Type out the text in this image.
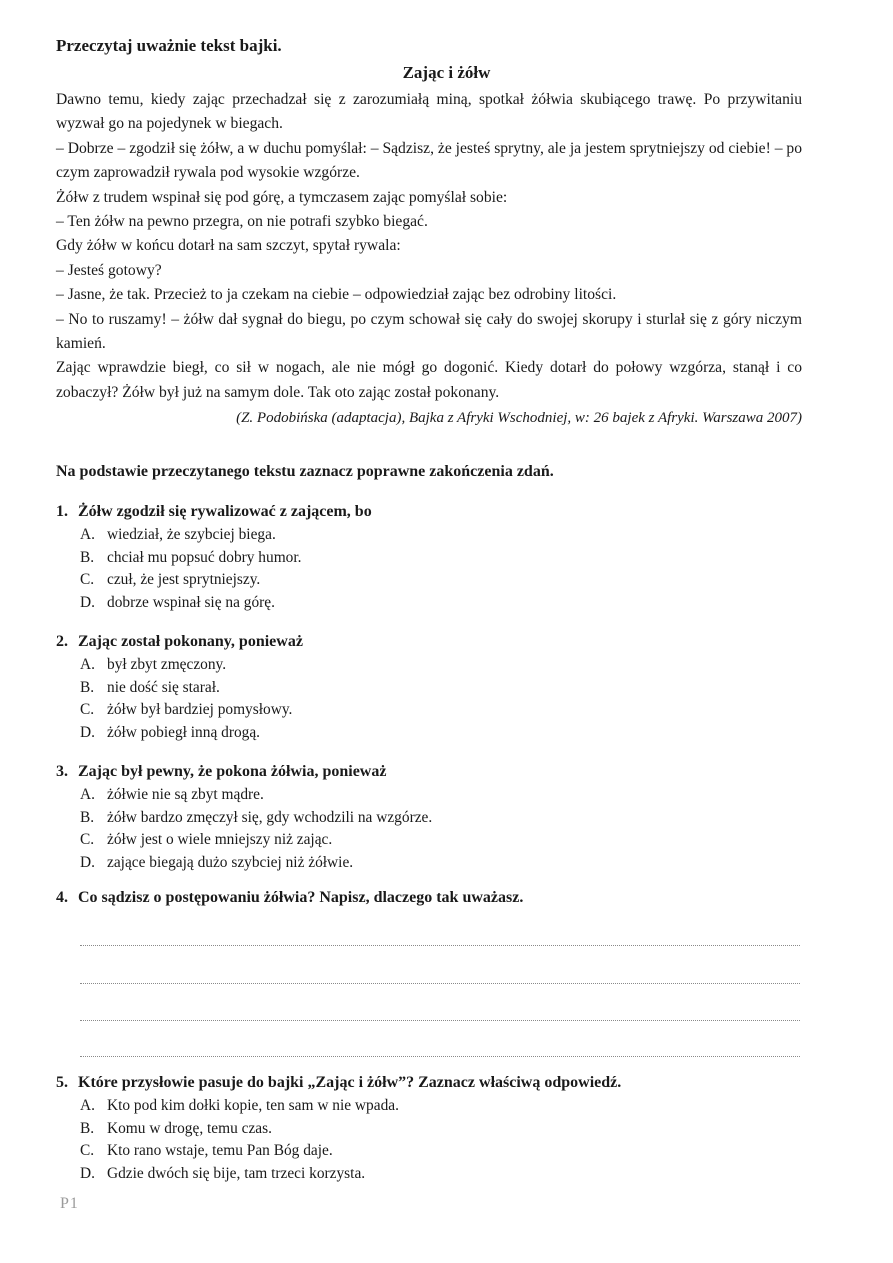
Przeczytaj uważnie tekst bajki.
Zając i żółw

Dawno temu, kiedy zając przechadzał się z zarozumiałą miną, spotkał żółwia skubiącego trawę. Po przywitaniu wyzwał go na pojedynek w biegach.

– Dobrze – zgodził się żółw, a w duchu pomyślał: – Sądzisz, że jesteś sprytny, ale ja jestem sprytniejszy od ciebie! – po czym zaprowadził rywala pod wysokie wzgórze.

Żółw z trudem wspinał się pod górę, a tymczasem zając pomyślał sobie:

– Ten żółw na pewno przegra, on nie potrafi szybko biegać.

Gdy żółw w końcu dotarł na sam szczyt, spytał rywala:

– Jesteś gotowy?

– Jasne, że tak. Przecież to ja czekam na ciebie – odpowiedział zając bez odrobiny litości.

– No to ruszamy! – żółw dał sygnał do biegu, po czym schował się cały do swojej skorupy i sturlał się z góry niczym kamień.

Zając wprawdzie biegł, co sił w nogach, ale nie mógł go dogonić. Kiedy dotarł do połowy wzgórza, stanął i co zobaczył? Żółw był już na samym dole. Tak oto zając został pokonany.

(Z. Podobińska (adaptacja), Bajka z Afryki Wschodniej, w: 26 bajek z Afryki. Warszawa 2007)
Na podstawie przeczytanego tekstu zaznacz poprawne zakończenia zdań.
1. Żółw zgodził się rywalizować z zającem, bo
A. wiedział, że szybciej biega.
B. chciał mu popsuć dobry humor.
C. czuł, że jest sprytniejszy.
D. dobrze wspinał się na górę.
2. Zając został pokonany, ponieważ
A. był zbyt zmęczony.
B. nie dość się starał.
C. żółw był bardziej pomysłowy.
D. żółw pobiegł inną drogą.
3. Zając był pewny, że pokona żółwia, ponieważ
A. żółwie nie są zbyt mądre.
B. żółw bardzo zmęczył się, gdy wchodzili na wzgórze.
C. żółw jest o wiele mniejszy niż zając.
D. zające biegają dużo szybciej niż żółwie.
4. Co sądzisz o postępowaniu żółwia? Napisz, dlaczego tak uważasz.
5. Które przysłowie pasuje do bajki „Zając i żółw”? Zaznacz właściwą odpowiedź.
A. Kto pod kim dołki kopie, ten sam w nie wpada.
B. Komu w drogę, temu czas.
C. Kto rano wstaje, temu Pan Bóg daje.
D. Gdzie dwóch się bije, tam trzeci korzysta.
P1
